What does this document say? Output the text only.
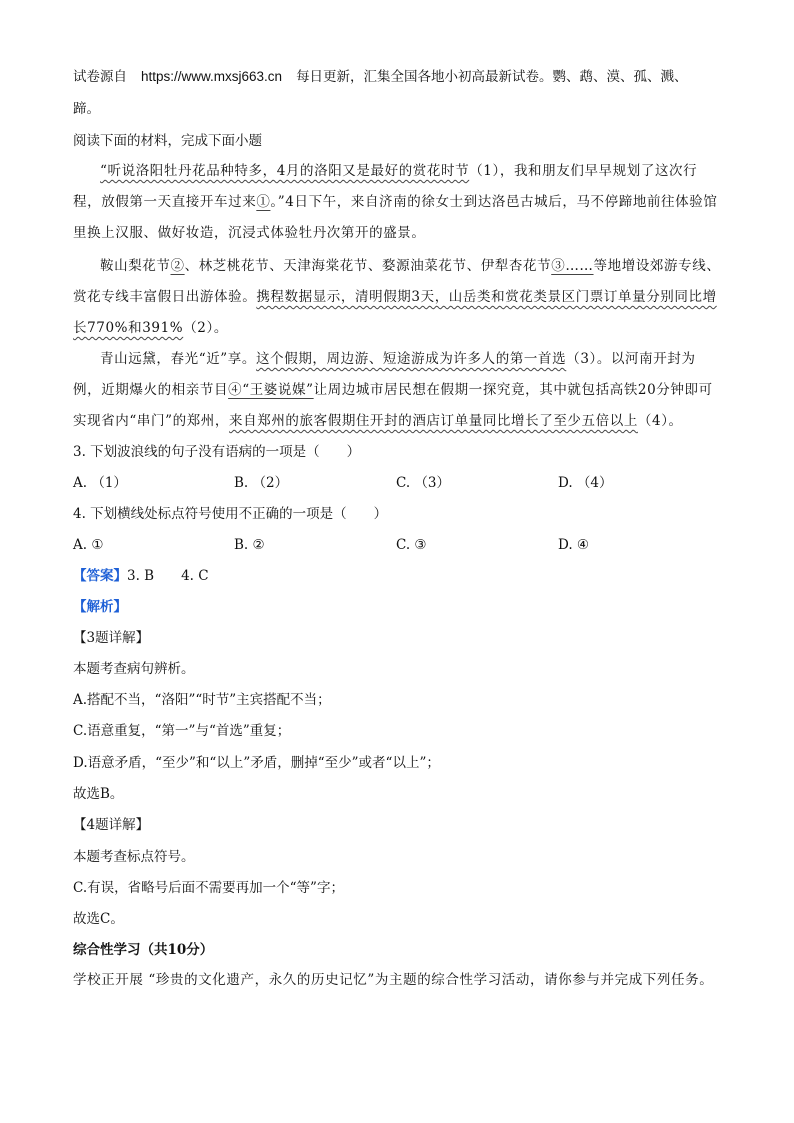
试卷源自 https://www.mxsj663.cn 每日更新，汇集全国各地小初高最新试卷。鹦、鹉、漠、孤、溅、
蹄。
阅读下面的材料，完成下面小题
“听说洛阳牡丹花品种特多，4月的洛阳又是最好的赏花时节（1），我和朋友们早早规划了这次行程，放假第一天直接开车过来①。”4日下午，来自济南的徐女士到达洛邑古城后，马不停蹄地前往体验馆里换上汉服、做好妆造，沉浸式体验牡丹次第开的盛景。
鞍山梨花节②、林芝桃花节、天津海棠花节、婺源油菜花节、伊犁杏花节③……等地增设郊游专线、赏花专线丰富假日出游体验。携程数据显示，清明假期3天，山岳类和赏花类景区门票订单量分别同比增长770%和391%（2）。
青山远黛，春光“近”享。这个假期，周边游、短途游成为许多人的第一首选（3）。以河南开封为例，近期爆火的相亲节目④“王婆说媒”让周边城市居民想在假期一探究竟，其中就包括高铁20分钟即可实现省内“串门”的郑州，来自郑州的旅客假期住开封的酒店订单量同比增长了至少五倍以上（4）。
3. 下划波浪线的句子没有语病的一项是（　　）
A. （1）	B. （2）	C. （3）	D. （4）
4. 下划横线处标点符号使用不正确的一项是（　　）
A. ①	B. ②	C. ③	D. ④
【答案】3. B　　4. C
【解析】
【3题详解】
本题考查病句辨析。
A.搭配不当，“洛阳”“时节”主宾搭配不当；
C.语意重复，“第一”与“首选”重复；
D.语意矛盾，“至少”和“以上”矛盾，删掉“至少”或者“以上”；
故选B。
【4题详解】
本题考查标点符号。
C.有误，省略号后面不需要再加一个“等”字；
故选C。
综合性学习（共10分）
学校正开展 “珍贵的文化遗产，永久的历史记忆”为主题的综合性学习活动，请你参与并完成下列任务。
